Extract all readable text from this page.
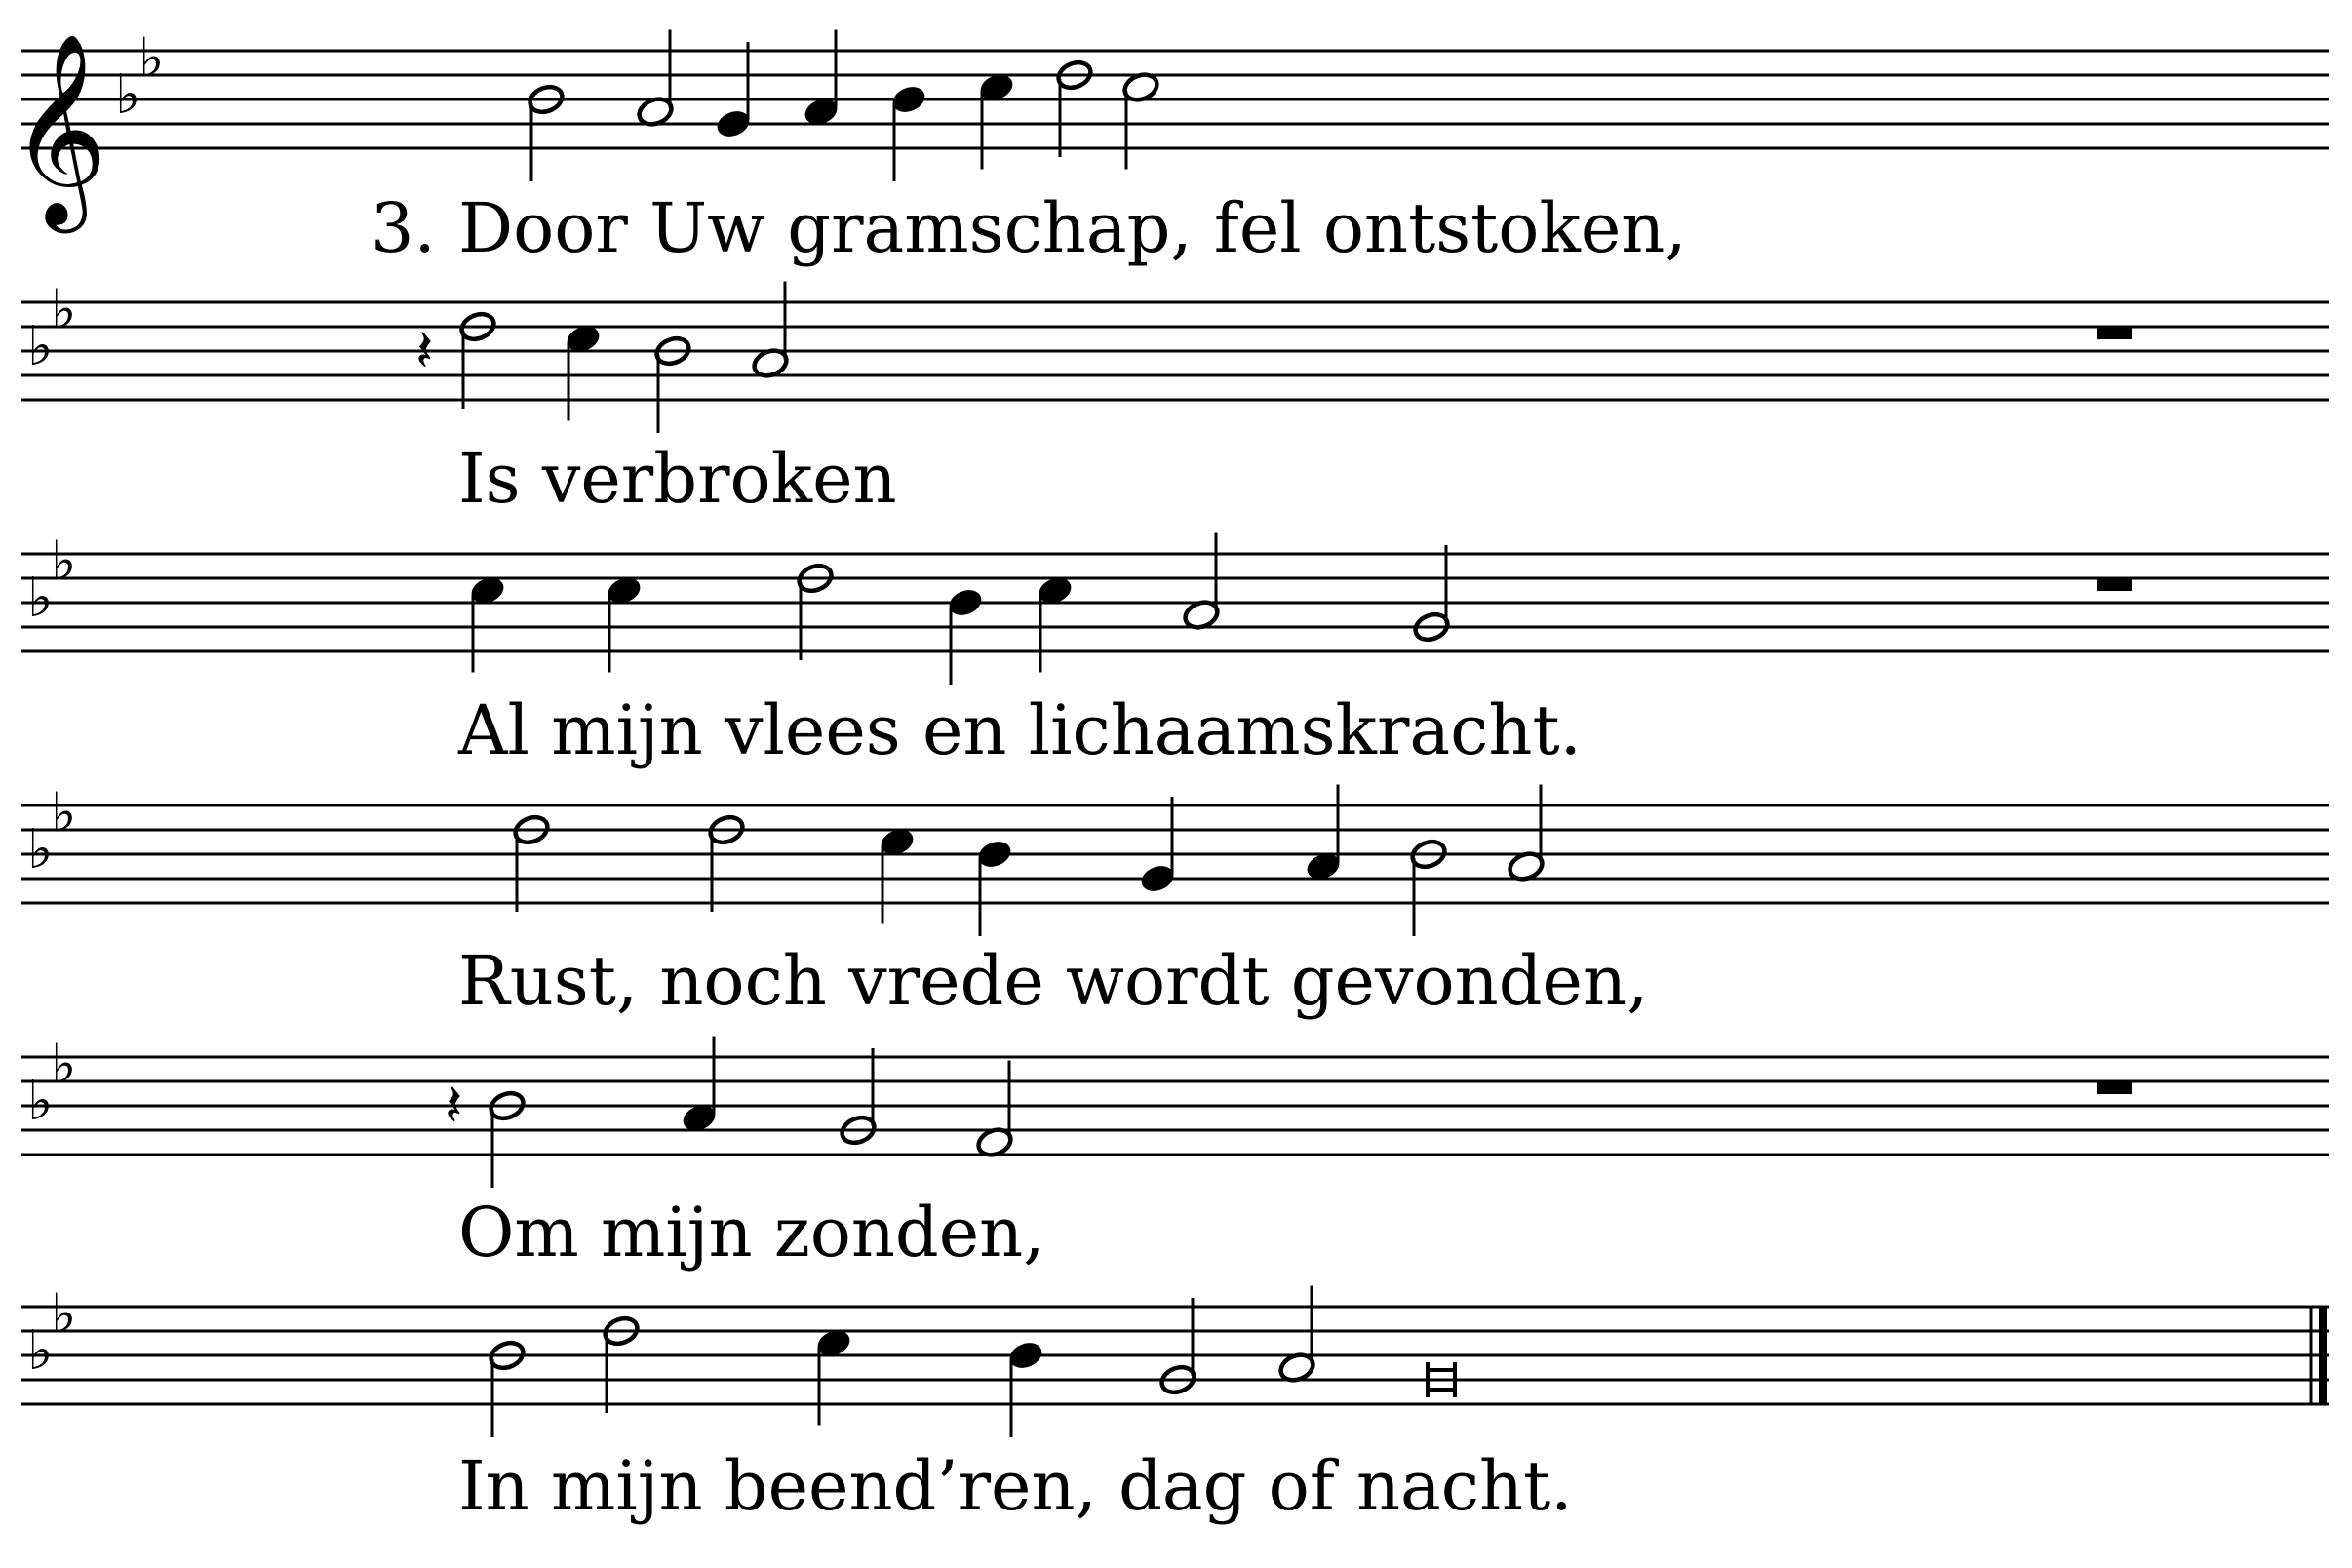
𝄞 ♭
♭
3. Door Uw gramschap, fel ontstoken,
♭
♭
𝄽
Is verbroken
♭
♭
Al mijn vlees en lichaamskracht.
♭
♭
Rust, noch vrede wordt gevonden,
♭
♭
𝄽
Om mijn zonden,
♭
♭
In mijn beend’ren, dag of nacht.
